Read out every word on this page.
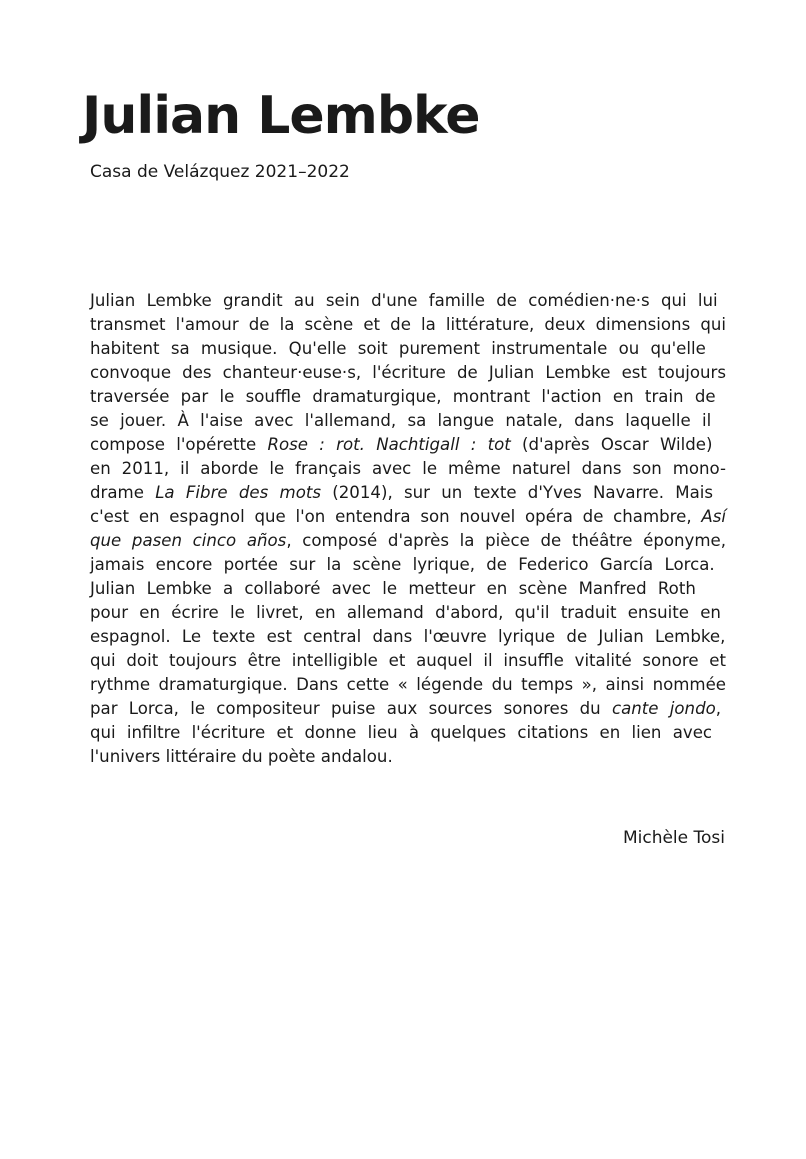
Julian Lembke

Casa de Velázquez 2021–2022

Julian Lembke grandit au sein d'une famille de comédien·ne·s qui lui
transmet l'amour de la scène et de la littérature, deux dimensions qui
habitent sa musique. Qu'elle soit purement instrumentale ou qu'elle
convoque des chanteur·euse·s, l'écriture de Julian Lembke est toujours
traversée par le souffle dramaturgique, montrant l'action en train de
se jouer. À l'aise avec l'allemand, sa langue natale, dans laquelle il
compose l'opérette Rose : rot. Nachtigall : tot (d'après Oscar Wilde)
en 2011, il aborde le français avec le même naturel dans son mono-
drame La Fibre des mots (2014), sur un texte d'Yves Navarre. Mais
c'est en espagnol que l'on entendra son nouvel opéra de chambre, Así
que pasen cinco años, composé d'après la pièce de théâtre éponyme,
jamais encore portée sur la scène lyrique, de Federico García Lorca.
Julian Lembke a collaboré avec le metteur en scène Manfred Roth
pour en écrire le livret, en allemand d'abord, qu'il traduit ensuite en
espagnol. Le texte est central dans l'œuvre lyrique de Julian Lembke,
qui doit toujours être intelligible et auquel il insuffle vitalité sonore et
rythme dramaturgique. Dans cette « légende du temps », ainsi nommée
par Lorca, le compositeur puise aux sources sonores du cante jondo,
qui infiltre l'écriture et donne lieu à quelques citations en lien avec
l'univers littéraire du poète andalou.

Michèle Tosi
